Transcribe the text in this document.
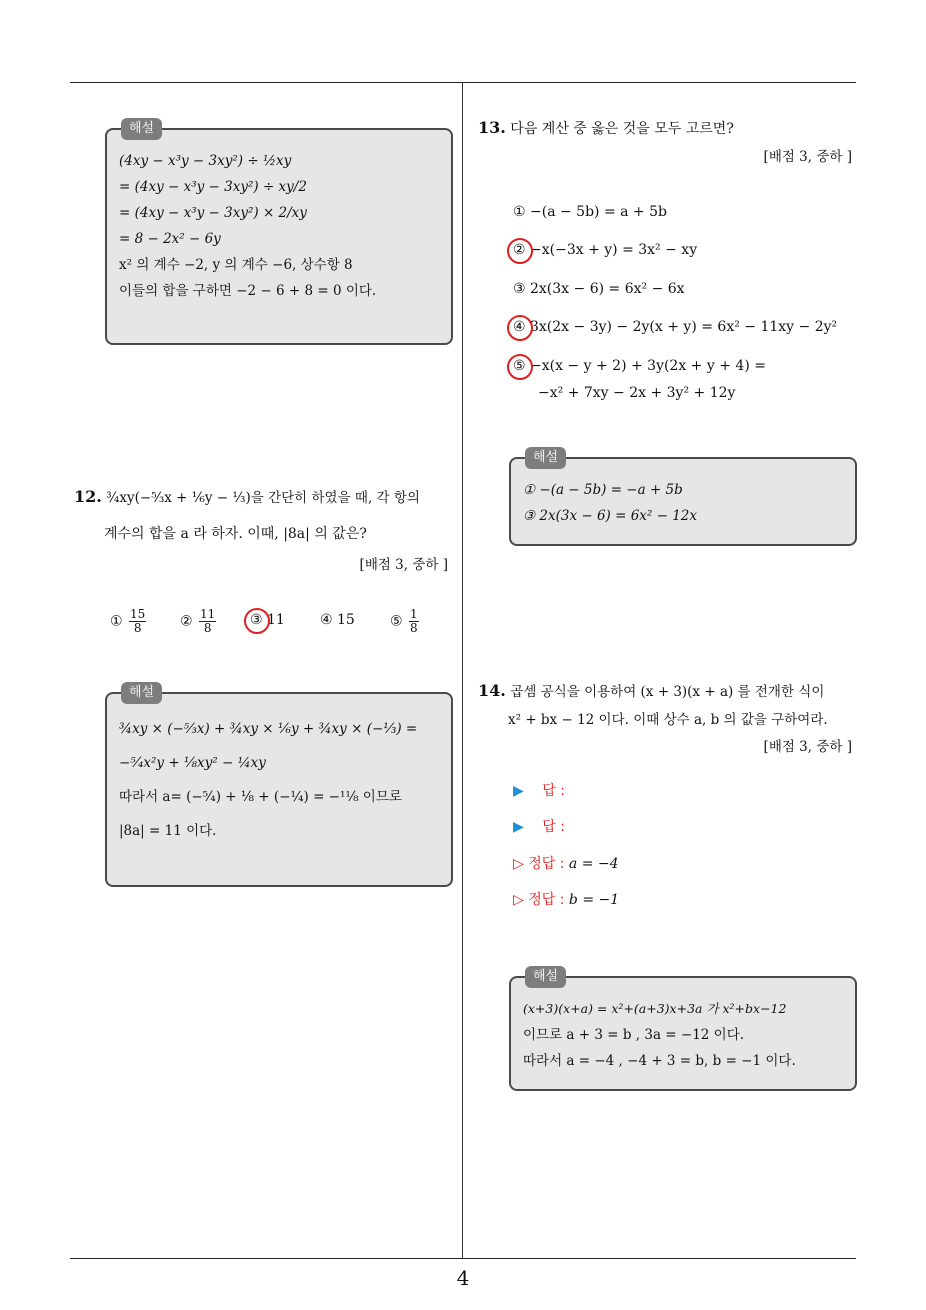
4
해설
(4xy − x³y − 3xy²) ÷ ½xy
= (4xy − x³y − 3xy²) ÷ xy/2
= (4xy − x³y − 3xy²) × 2/xy
= 8 − 2x² − 6y
x² 의 계수 −2, y 의 계수 −6, 상수항 8
이들의 합을 구하면 −2 − 6 + 8 = 0 이다.
12. ¾xy(−⁵⁄₃x + ⅙y − ⅓)을 간단히 하였을 때, 각 항의
계수의 합을 a 라 하자. 이때, |8a| 의 값은?
[배점 3, 중하 ]
① $\frac{15}{8}$ ② $\frac{11}{8}$ ③ 11	④ 15	⑤ $\frac{1}{8}$
해설
¾xy × (−⁵⁄₃x) + ¾xy × ⅙y + ¾xy × (−⅓) =
−⁵⁄₄x²y + ⅛xy² − ¼xy
따라서 a= (−⁵⁄₄) + ⅛ + (−¼) = −¹¹⁄₈ 이므로
|8a| = 11 이다.
13. 다음 계산 중 옳은 것을 모두 고르면?
[배점 3, 중하 ]
① −(a − 5b) = a + 5b
② −x(−3x + y) = 3x² − xy
③ 2x(3x − 6) = 6x² − 6x
④ 3x(2x − 3y) − 2y(x + y) = 6x² − 11xy − 2y²
⑤ −x(x − y + 2) + 3y(2x + y + 4) =
−x² + 7xy − 2x + 3y² + 12y
해설
① −(a − 5b) = −a + 5b
③ 2x(3x − 6) = 6x² − 12x
14. 곱셈 공식을 이용하여 (x + 3)(x + a) 를 전개한 식이
x² + bx − 12 이다. 이때 상수 a, b 의 값을 구하여라.
[배점 3, 중하 ]
▶ 답 :
▶ 답 :
▷ 정답 : a = −4
▷ 정답 : b = −1
해설
(x+3)(x+a) = x²+(a+3)x+3a 가 x²+bx−12
이므로 a + 3 = b , 3a = −12 이다.
따라서 a = −4 , −4 + 3 = b, b = −1 이다.
